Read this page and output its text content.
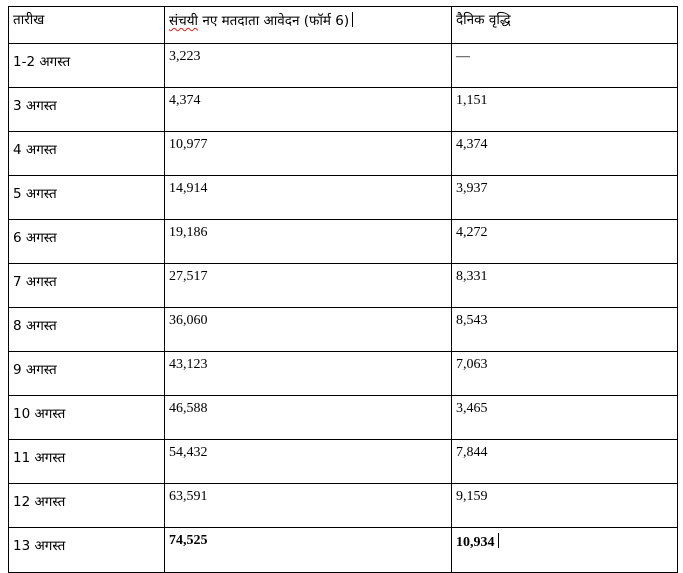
तारीख	संचयी नए मतदाता आवेदन (फॉर्म 6)	दैनिक वृद्धि
1-2 अगस्त	3,223	—
3 अगस्त	4,374	1,151
4 अगस्त	10,977	4,374
5 अगस्त	14,914	3,937
6 अगस्त	19,186	4,272
7 अगस्त	27,517	8,331
8 अगस्त	36,060	8,543
9 अगस्त	43,123	7,063
10 अगस्त	46,588	3,465
11 अगस्त	54,432	7,844
12 अगस्त	63,591	9,159
13 अगस्त	74,525	10,934
